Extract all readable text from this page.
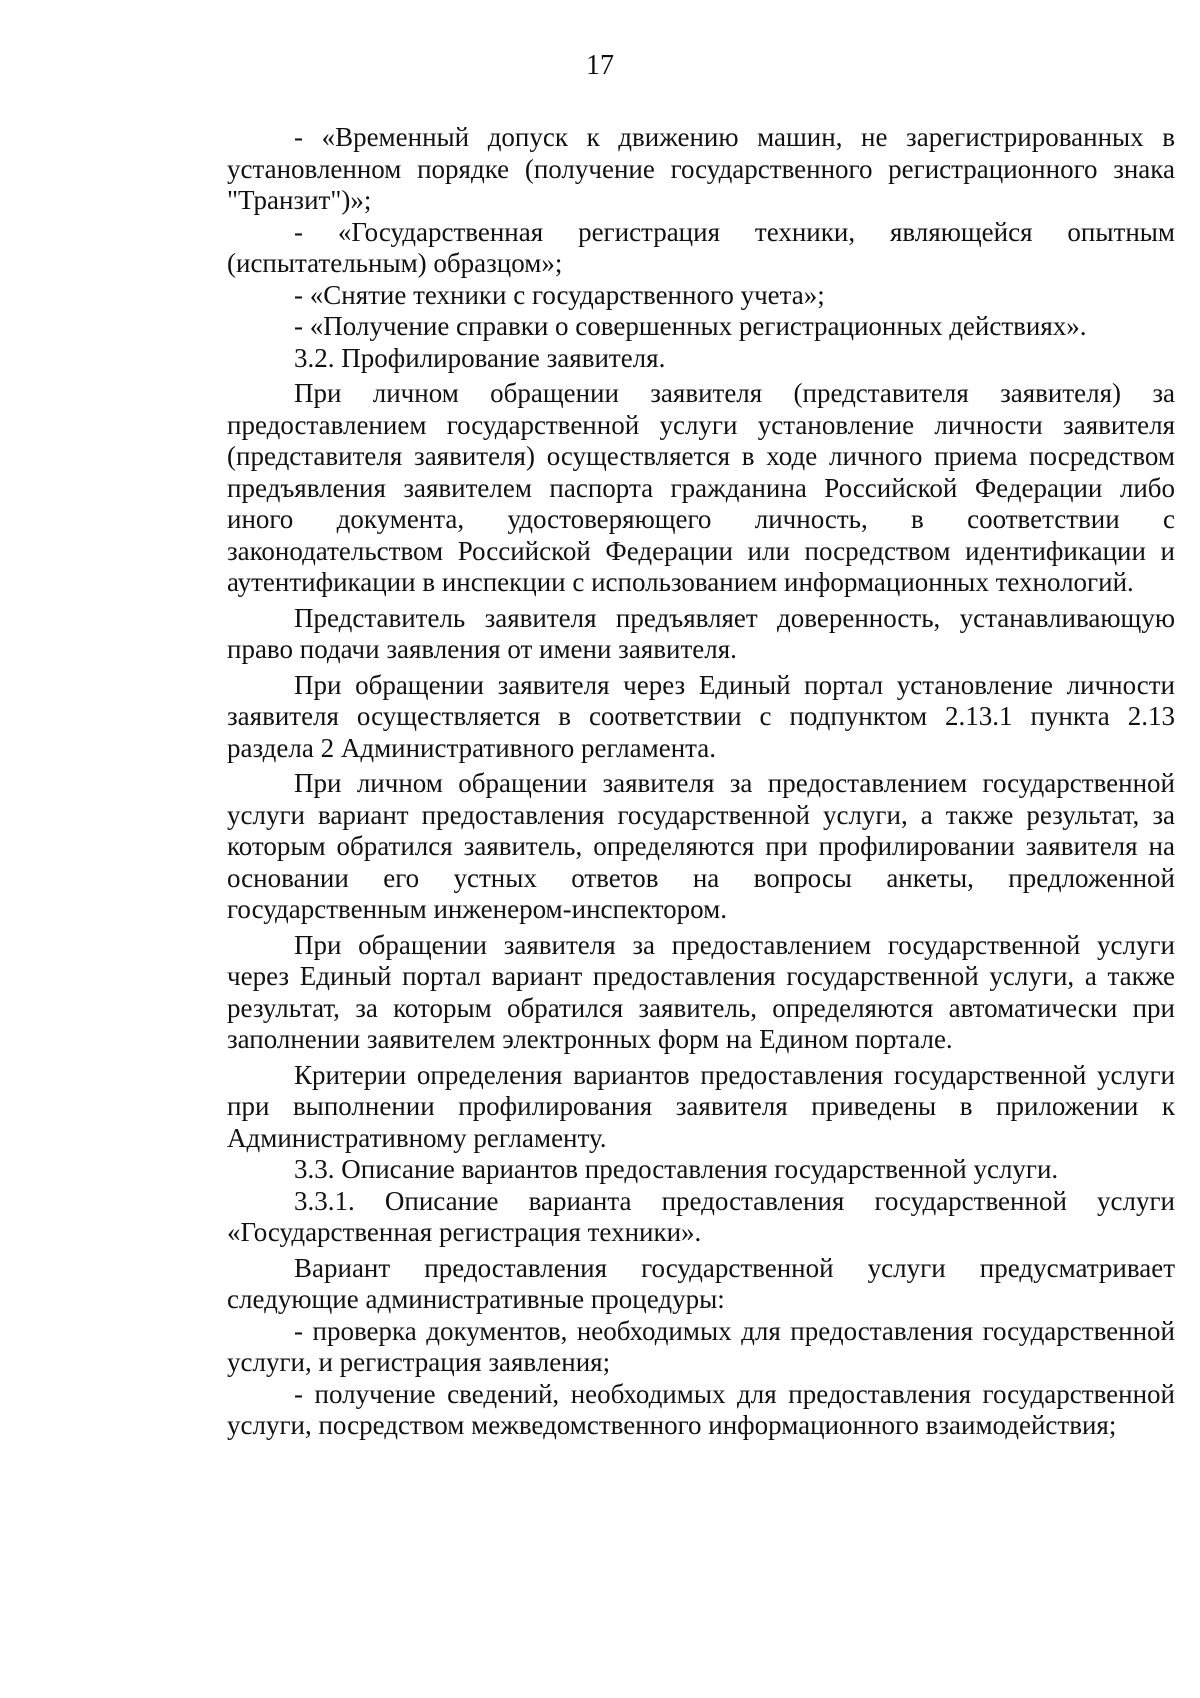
17

- «Временный допуск к движению машин, не зарегистрированных в установленном порядке (получение государственного регистрационного знака "Транзит")»;

- «Государственная регистрация техники, являющейся опытным (испытательным) образцом»;

- «Снятие техники с государственного учета»;

- «Получение справки о совершенных регистрационных действиях».

3.2. Профилирование заявителя.

При личном обращении заявителя (представителя заявителя) за предоставлением государственной услуги установление личности заявителя (представителя заявителя) осуществляется в ходе личного приема посредством предъявления заявителем паспорта гражданина Российской Федерации либо иного документа, удостоверяющего личность, в соответствии с законодательством Российской Федерации или посредством идентификации и аутентификации в инспекции с использованием информационных технологий.

Представитель заявителя предъявляет доверенность, устанавливающую право подачи заявления от имени заявителя.

При обращении заявителя через Единый портал установление личности заявителя осуществляется в соответствии с подпунктом 2.13.1 пункта 2.13 раздела 2 Административного регламента.

При личном обращении заявителя за предоставлением государственной услуги вариант предоставления государственной услуги, а также результат, за которым обратился заявитель, определяются при профилировании заявителя на основании его устных ответов на вопросы анкеты, предложенной государственным инженером-инспектором.

При обращении заявителя за предоставлением государственной услуги через Единый портал вариант предоставления государственной услуги, а также результат, за которым обратился заявитель, определяются автоматически при заполнении заявителем электронных форм на Едином портале.

Критерии определения вариантов предоставления государственной услуги при выполнении профилирования заявителя приведены в приложении к Административному регламенту.

3.3. Описание вариантов предоставления государственной услуги.

3.3.1. Описание варианта предоставления государственной услуги «Государственная регистрация техники».

Вариант предоставления государственной услуги предусматривает следующие административные процедуры:

- проверка документов, необходимых для предоставления государственной услуги, и регистрация заявления;

- получение сведений, необходимых для предоставления государственной услуги, посредством межведомственного информационного взаимодействия;
